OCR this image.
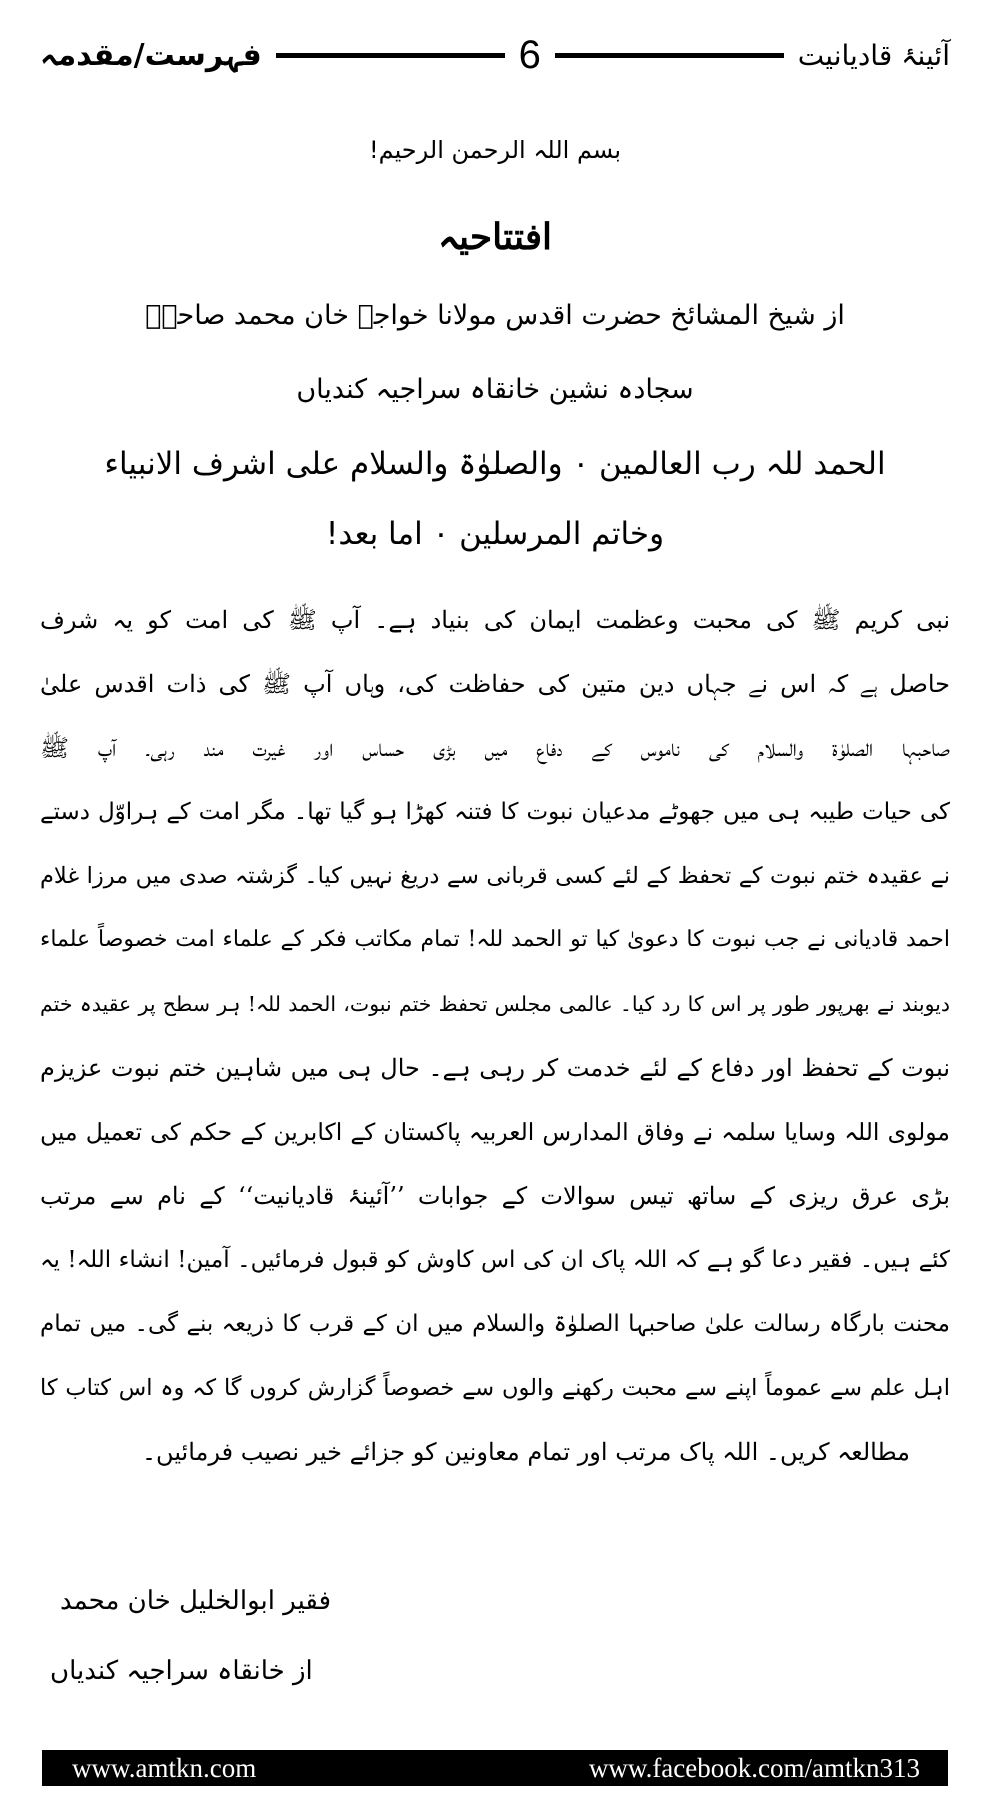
فہرست/مقدمہ	6	آئینۂ قادیانیت
بسم اللہ الرحمن الرحیم!
افتتاحیہ
از شیخ المشائخ حضرت اقدس مولانا خواجہ خان محمد صاحبؒ
سجادہ نشین خانقاہ سراجیہ کندیاں
الحمد للہ رب العالمین ۰ والصلوٰۃ والسلام علی اشرف الانبیاء
وخاتم المرسلین ۰ اما بعد!
نبی کریم ﷺ کی محبت وعظمت ایمان کی بنیاد ہے۔ آپ ﷺ کی امت کو یہ شرف
حاصل ہے کہ اس نے جہاں دین متین کی حفاظت کی، وہاں آپ ﷺ کی ذات اقدس علیٰ
صاحبہا الصلوٰۃ والسلام کی ناموس کے دفاع میں بڑی حساس اور غیرت مند رہی۔ آپ ﷺ
کی حیات طیبہ ہی میں جھوٹے مدعیان نبوت کا فتنہ کھڑا ہو گیا تھا۔ مگر امت کے ہراوّل دستے
نے عقیدہ ختم نبوت کے تحفظ کے لئے کسی قربانی سے دریغ نہیں کیا۔ گزشتہ صدی میں مرزا غلام
احمد قادیانی نے جب نبوت کا دعویٰ کیا تو الحمد للہ! تمام مکاتب فکر کے علماء امت خصوصاً علماء
دیوبند نے بھرپور طور پر اس کا رد کیا۔ عالمی مجلس تحفظ ختم نبوت، الحمد للہ! ہر سطح پر عقیدہ ختم
نبوت کے تحفظ اور دفاع کے لئے خدمت کر رہی ہے۔ حال ہی میں شاہین ختم نبوت عزیزم
مولوی اللہ وسایا سلمہ نے وفاق المدارس العربیہ پاکستان کے اکابرین کے حکم کی تعمیل میں
بڑی عرق ریزی کے ساتھ تیس سوالات کے جوابات ’’آئینۂ قادیانیت‘‘ کے نام سے مرتب
کئے ہیں۔ فقیر دعا گو ہے کہ اللہ پاک ان کی اس کاوش کو قبول فرمائیں۔ آمین! انشاء اللہ! یہ
محنت بارگاہ رسالت علیٰ صاحبہا الصلوٰۃ والسلام میں ان کے قرب کا ذریعہ بنے گی۔ میں تمام
اہل علم سے عموماً اپنے سے محبت رکھنے والوں سے خصوصاً گزارش کروں گا کہ وہ اس کتاب کا
مطالعہ کریں۔ اللہ پاک مرتب اور تمام معاونین کو جزائے خیر نصیب فرمائیں۔
فقیر ابوالخلیل خان محمد
از خانقاہ سراجیہ کندیاں
www.amtkn.com	www.facebook.com/amtkn313
